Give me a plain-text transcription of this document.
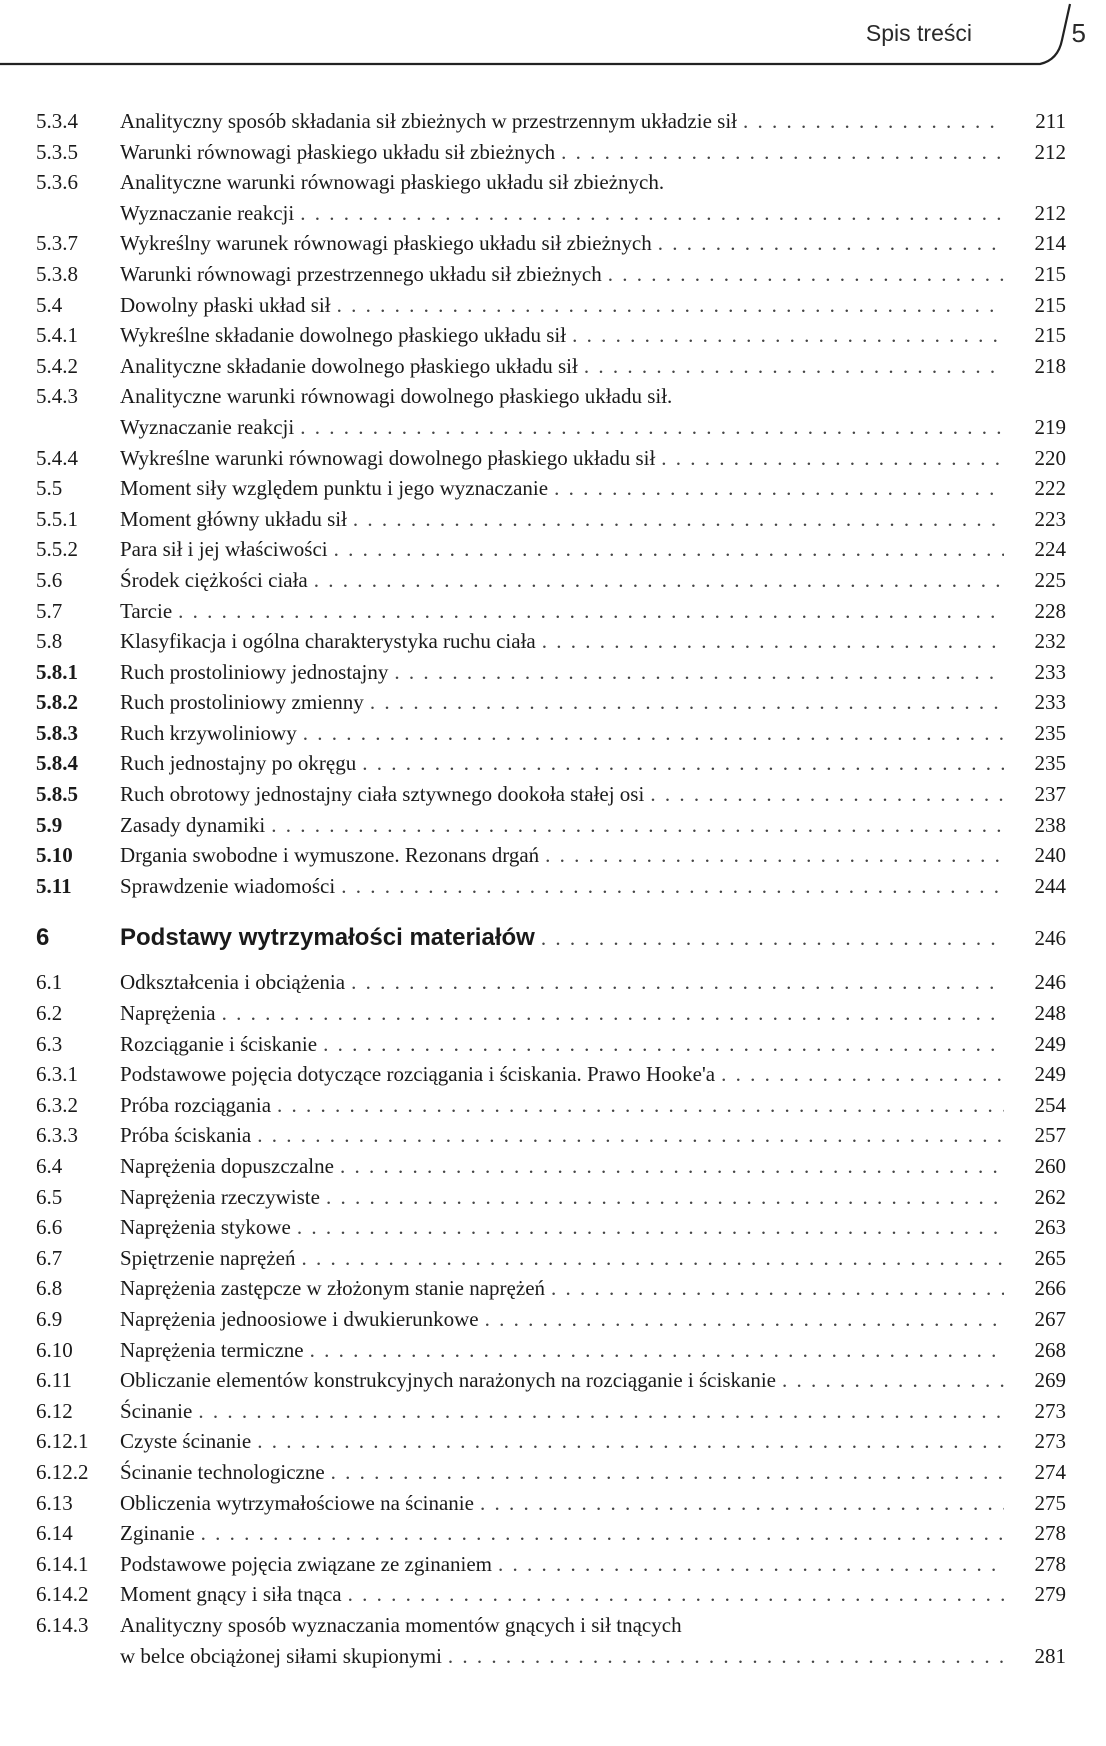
Spis treści	5
5.3.4	Analityczny sposób składania sił zbieżnych w przestrzennym układzie sił . . .	211
5.3.5	Warunki równowagi płaskiego układu sił zbieżnych . . .	212
5.3.6	Analityczne warunki równowagi płaskiego układu sił zbieżnych.
Wyznaczanie reakcji . . .	212
5.3.7	Wykreślny warunek równowagi płaskiego układu sił zbieżnych . . .	214
5.3.8	Warunki równowagi przestrzennego układu sił zbieżnych . . .	215
5.4	Dowolny płaski układ sił . . .	215
5.4.1	Wykreślne składanie dowolnego płaskiego układu sił . . .	215
5.4.2	Analityczne składanie dowolnego płaskiego układu sił . . .	218
5.4.3	Analityczne warunki równowagi dowolnego płaskiego układu sił.
Wyznaczanie reakcji . . .	219
5.4.4	Wykreślne warunki równowagi dowolnego płaskiego układu sił . . .	220
5.5	Moment siły względem punktu i jego wyznaczanie . . .	222
5.5.1	Moment główny układu sił . . .	223
5.5.2	Para sił i jej właściwości . . .	224
5.6	Środek ciężkości ciała . . .	225
5.7	Tarcie . . .	228
5.8	Klasyfikacja i ogólna charakterystyka ruchu ciała . . .	232
5.8.1	Ruch prostoliniowy jednostajny . . .	233
5.8.2	Ruch prostoliniowy zmienny . . .	233
5.8.3	Ruch krzywoliniowy . . .	235
5.8.4	Ruch jednostajny po okręgu . . .	235
5.8.5	Ruch obrotowy jednostajny ciała sztywnego dookoła stałej osi . . .	237
5.9	Zasady dynamiki . . .	238
5.10	Drgania swobodne i wymuszone. Rezonans drgań . . .	240
5.11	Sprawdzenie wiadomości . . .	244
6	Podstawy wytrzymałości materiałów . . .	246
6.1	Odkształcenia i obciążenia . . .	246
6.2	Naprężenia . . .	248
6.3	Rozciąganie i ściskanie . . .	249
6.3.1	Podstawowe pojęcia dotyczące rozciągania i ściskania. Prawo Hooke'a . . .	249
6.3.2	Próba rozciągania . . .	254
6.3.3	Próba ściskania . . .	257
6.4	Naprężenia dopuszczalne . . .	260
6.5	Naprężenia rzeczywiste . . .	262
6.6	Naprężenia stykowe . . .	263
6.7	Spiętrzenie naprężeń . . .	265
6.8	Naprężenia zastępcze w złożonym stanie naprężeń . . .	266
6.9	Naprężenia jednoosiowe i dwukierunkowe . . .	267
6.10	Naprężenia termiczne . . .	268
6.11	Obliczanie elementów konstrukcyjnych narażonych na rozciąganie i ściskanie . . .	269
6.12	Ścinanie . . .	273
6.12.1	Czyste ścinanie . . .	273
6.12.2	Ścinanie technologiczne . . .	274
6.13	Obliczenia wytrzymałościowe na ścinanie . . .	275
6.14	Zginanie . . .	278
6.14.1	Podstawowe pojęcia związane ze zginaniem . . .	278
6.14.2	Moment gnący i siła tnąca . . .	279
6.14.3	Analityczny sposób wyznaczania momentów gnących i sił tnących
w belce obciążonej siłami skupionymi . . .	281
